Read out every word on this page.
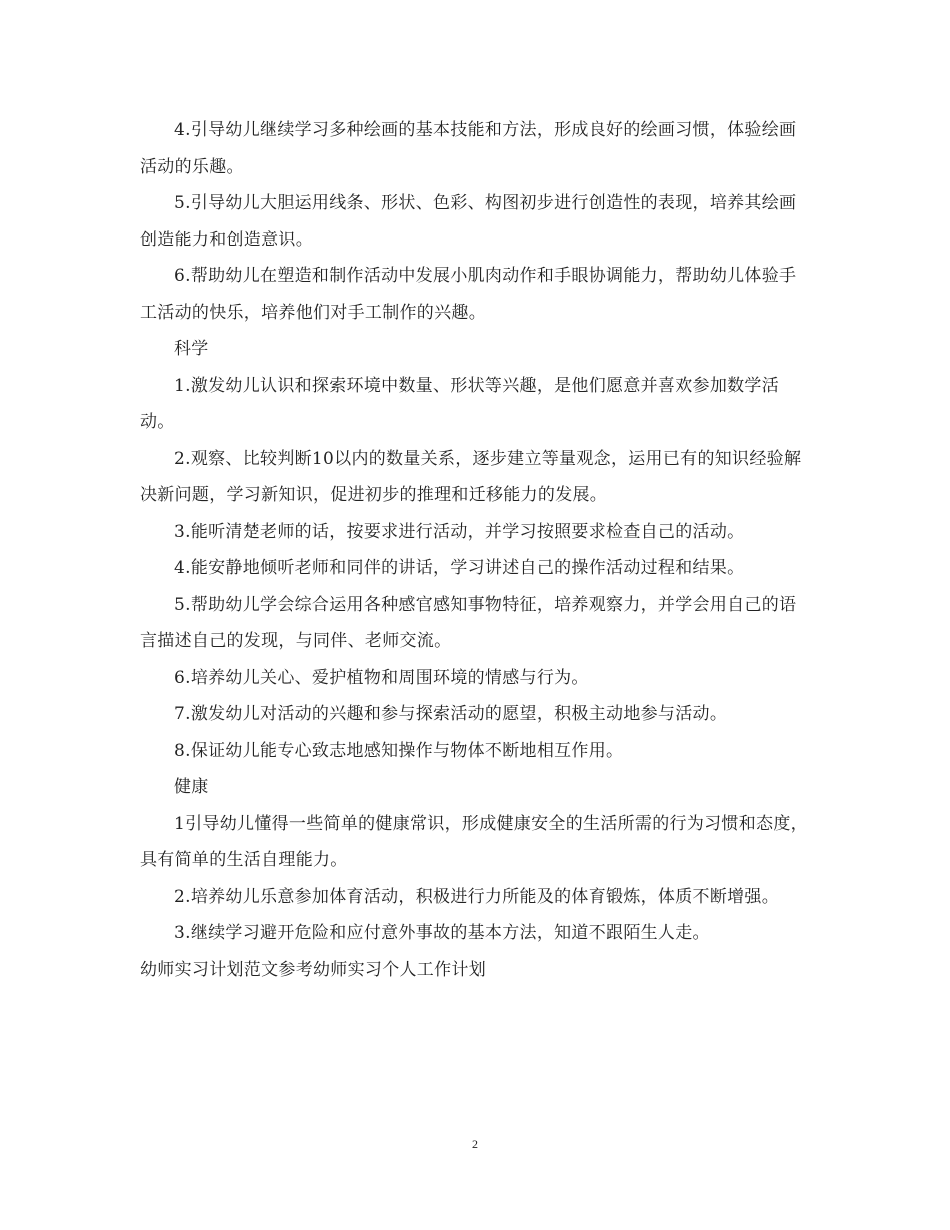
4.引导幼儿继续学习多种绘画的基本技能和方法，形成良好的绘画习惯，体验绘画活动的乐趣。

5.引导幼儿大胆运用线条、形状、色彩、构图初步进行创造性的表现，培养其绘画创造能力和创造意识。

6.帮助幼儿在塑造和制作活动中发展小肌肉动作和手眼协调能力，帮助幼儿体验手工活动的快乐，培养他们对手工制作的兴趣。

科学

1.激发幼儿认识和探索环境中数量、形状等兴趣，是他们愿意并喜欢参加数学活动。

2.观察、比较判断10以内的数量关系，逐步建立等量观念，运用已有的知识经验解决新问题，学习新知识，促进初步的推理和迁移能力的发展。

3.能听清楚老师的话，按要求进行活动，并学习按照要求检查自己的活动。

4.能安静地倾听老师和同伴的讲话，学习讲述自己的操作活动过程和结果。

5.帮助幼儿学会综合运用各种感官感知事物特征，培养观察力，并学会用自己的语言描述自己的发现，与同伴、老师交流。

6.培养幼儿关心、爱护植物和周围环境的情感与行为。

7.激发幼儿对活动的兴趣和参与探索活动的愿望，积极主动地参与活动。

8.保证幼儿能专心致志地感知操作与物体不断地相互作用。

健康

1引导幼儿懂得一些简单的健康常识，形成健康安全的生活所需的行为习惯和态度，具有简单的生活自理能力。

2.培养幼儿乐意参加体育活动，积极进行力所能及的体育锻炼，体质不断增强。

3.继续学习避开危险和应付意外事故的基本方法，知道不跟陌生人走。

幼师实习计划范文参考幼师实习个人工作计划

2
